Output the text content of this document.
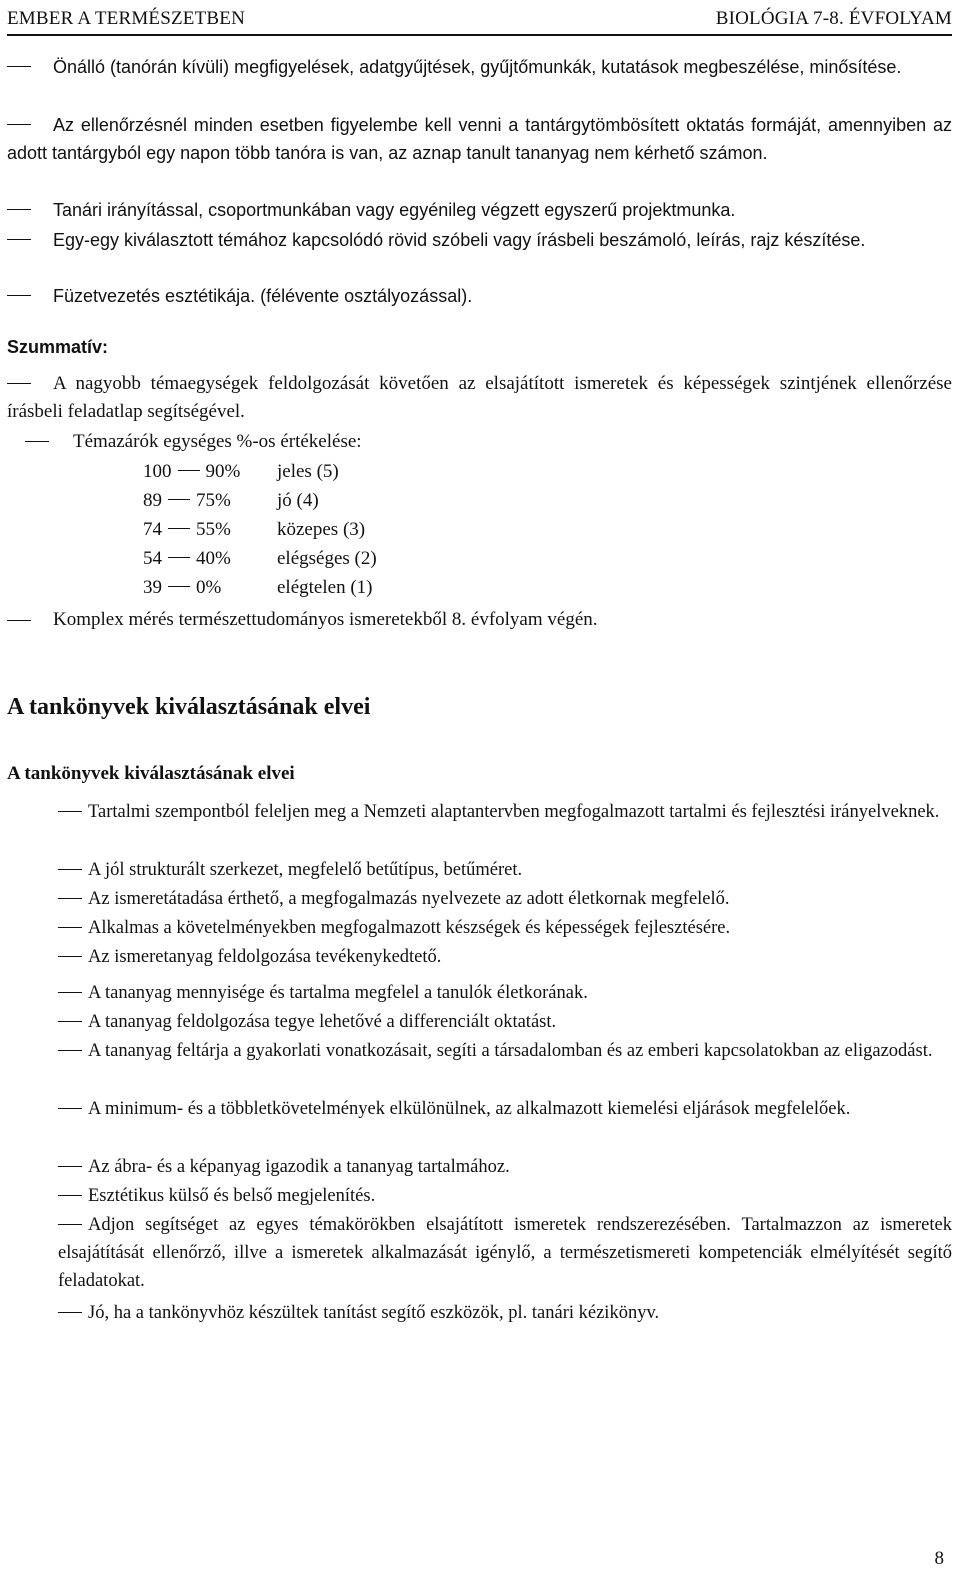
EMBER A TERMÉSZETBEN	BIOLÓGIA 7-8. ÉVFOLYAM
Önálló (tanórán kívüli) megfigyelések, adatgyűjtések, gyűjtőmunkák, kutatások megbeszélése, minősítése.
Az ellenőrzésnél minden esetben figyelembe kell venni a tantárgytömbösített oktatás formáját, amennyiben az adott tantárgyból egy napon több tanóra is van, az aznap tanult tananyag nem kérhető számon.
Tanári irányítással, csoportmunkában vagy egyénileg végzett egyszerű projektmunka.
Egy-egy kiválasztott témához kapcsolódó rövid szóbeli vagy írásbeli beszámoló, leírás, rajz készítése.
Füzetvezetés esztétikája. (félévente osztályozással).
Szummatív:
A nagyobb témaegységek feldolgozását követően az elsajátított ismeretek és képességek szintjének ellenőrzése írásbeli feladatlap segítségével.
Témazárók egységes %-os értékelése:
100 90%	jeles (5)
89 75%	jó (4)
74 55%	közepes (3)
54 40%	elégséges (2)
39 0%	elégtelen (1)
Komplex mérés természettudományos ismeretekből 8. évfolyam végén.
A tankönyvek kiválasztásának elvei
A tankönyvek kiválasztásának elvei
Tartalmi szempontból feleljen meg a Nemzeti alaptantervben megfogalmazott tartalmi és fejlesztési irányelveknek.
A jól strukturált szerkezet, megfelelő betűtípus, betűméret.
Az ismeretátadása érthető, a megfogalmazás nyelvezete az adott életkornak megfelelő.
Alkalmas a követelményekben megfogalmazott készségek és képességek fejlesztésére.
Az ismeretanyag feldolgozása tevékenykedtető.
A tananyag mennyisége és tartalma megfelel a tanulók életkorának.
A tananyag feldolgozása tegye lehetővé a differenciált oktatást.
A tananyag feltárja a gyakorlati vonatkozásait, segíti a társadalomban és az emberi kapcsolatokban az eligazodást.
A minimum- és a többletkövetelmények elkülönülnek, az alkalmazott kiemelési eljárások megfelelőek.
Az ábra- és a képanyag igazodik a tananyag tartalmához.
Esztétikus külső és belső megjelenítés.
Adjon segítséget az egyes témakörökben elsajátított ismeretek rendszerezésében. Tartalmazzon az ismeretek elsajátítását ellenőrző, illve a ismeretek alkalmazását igénylő, a természetismereti kompetenciák elmélyítését segítő feladatokat.
Jó, ha a tankönyvhöz készültek tanítást segítő eszközök, pl. tanári kézikönyv.
8
